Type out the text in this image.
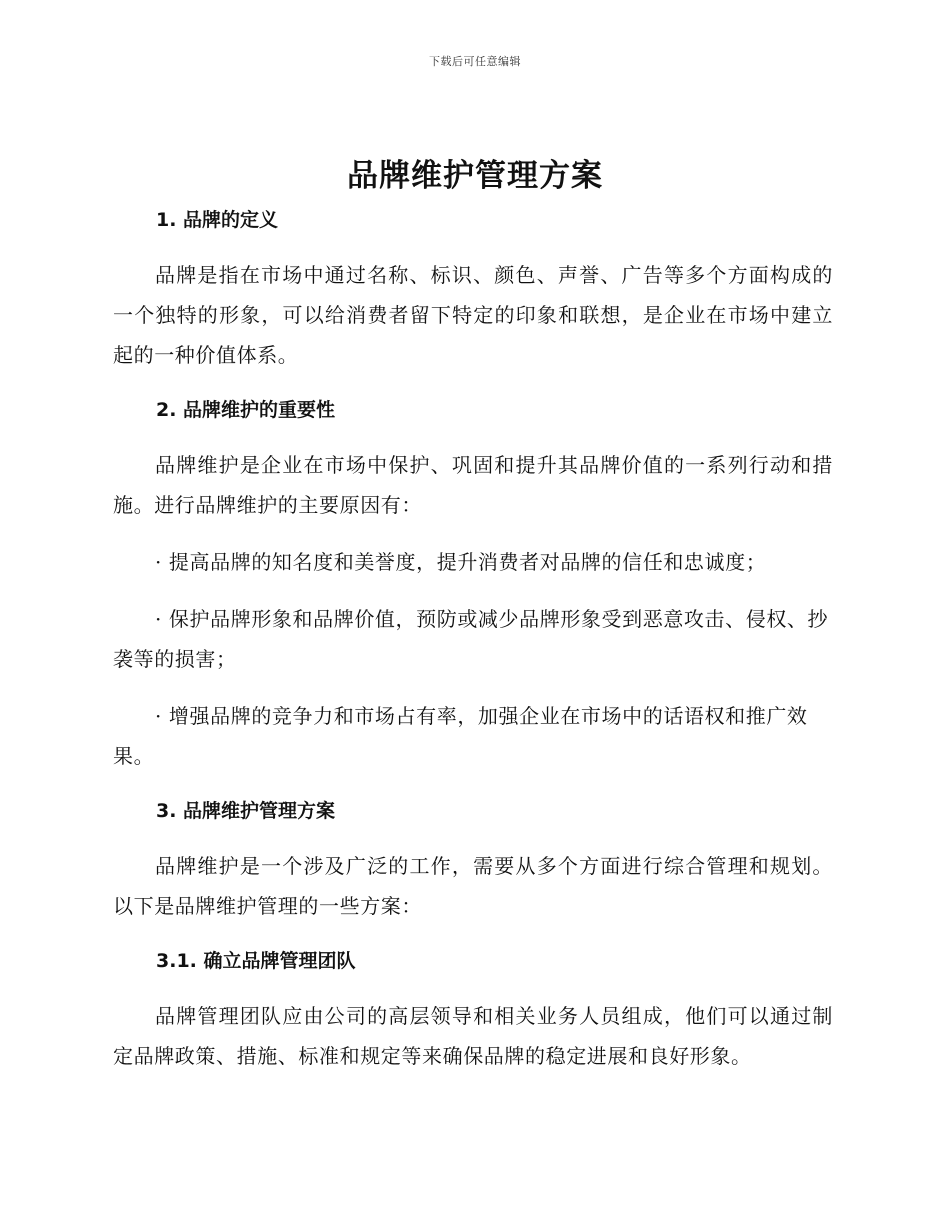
下载后可任意编辑
品牌维护管理方案
1. 品牌的定义

品牌是指在市场中通过名称、标识、颜色、声誉、广告等多个方面构成的一个独特的形象，可以给消费者留下特定的印象和联想，是企业在市场中建立起的一种价值体系。

2. 品牌维护的重要性

品牌维护是企业在市场中保护、巩固和提升其品牌价值的一系列行动和措施。进行品牌维护的主要原因有：

· 提高品牌的知名度和美誉度，提升消费者对品牌的信任和忠诚度；

· 保护品牌形象和品牌价值，预防或减少品牌形象受到恶意攻击、侵权、抄袭等的损害；

· 增强品牌的竞争力和市场占有率，加强企业在市场中的话语权和推广效果。

3. 品牌维护管理方案

品牌维护是一个涉及广泛的工作，需要从多个方面进行综合管理和规划。以下是品牌维护管理的一些方案：

3.1. 确立品牌管理团队

品牌管理团队应由公司的高层领导和相关业务人员组成，他们可以通过制定品牌政策、措施、标准和规定等来确保品牌的稳定进展和良好形象。
